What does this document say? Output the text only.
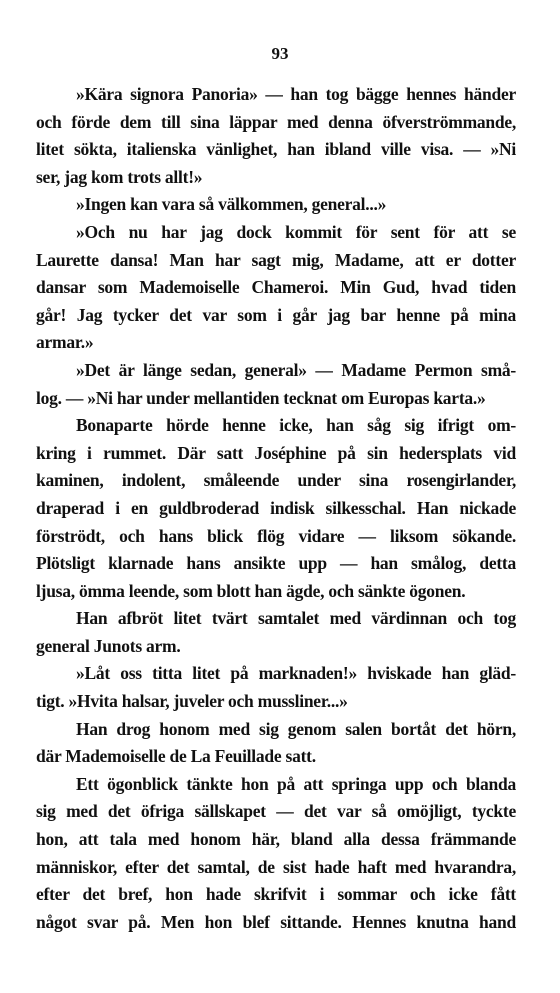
93
»Kära signora Panoria» — han tog bägge hennes händer
och förde dem till sina läppar med denna öfverströmmande,
litet sökta, italienska vänlighet, han ibland ville visa. — »Ni
ser, jag kom trots allt!»
»Ingen kan vara så välkommen, general...»
»Och nu har jag dock kommit för sent för att se
Laurette dansa! Man har sagt mig, Madame, att er dotter
dansar som Mademoiselle Chameroi. Min Gud, hvad tiden
går! Jag tycker det var som i går jag bar henne på mina
armar.»
»Det är länge sedan, general» — Madame Permon små-
log. — »Ni har under mellantiden tecknat om Europas karta.»
Bonaparte hörde henne icke, han såg sig ifrigt om-
kring i rummet. Där satt Joséphine på sin hedersplats vid
kaminen, indolent, småleende under sina rosengirlander,
draperad i en guldbroderad indisk silkesschal. Han nickade
förströdt, och hans blick flög vidare — liksom sökande.
Plötsligt klarnade hans ansikte upp — han smålog, detta
ljusa, ömma leende, som blott han ägde, och sänkte ögonen.
Han afbröt litet tvärt samtalet med värdinnan och tog
general Junots arm.
»Låt oss titta litet på marknaden!» hviskade han gläd-
tigt. »Hvita halsar, juveler och mussliner...»
Han drog honom med sig genom salen bortåt det hörn,
där Mademoiselle de La Feuillade satt.
Ett ögonblick tänkte hon på att springa upp och blanda
sig med det öfriga sällskapet — det var så omöjligt, tyckte
hon, att tala med honom här, bland alla dessa främmande
människor, efter det samtal, de sist hade haft med hvarandra,
efter det bref, hon hade skrifvit i sommar och icke fått
något svar på. Men hon blef sittande. Hennes knutna hand
